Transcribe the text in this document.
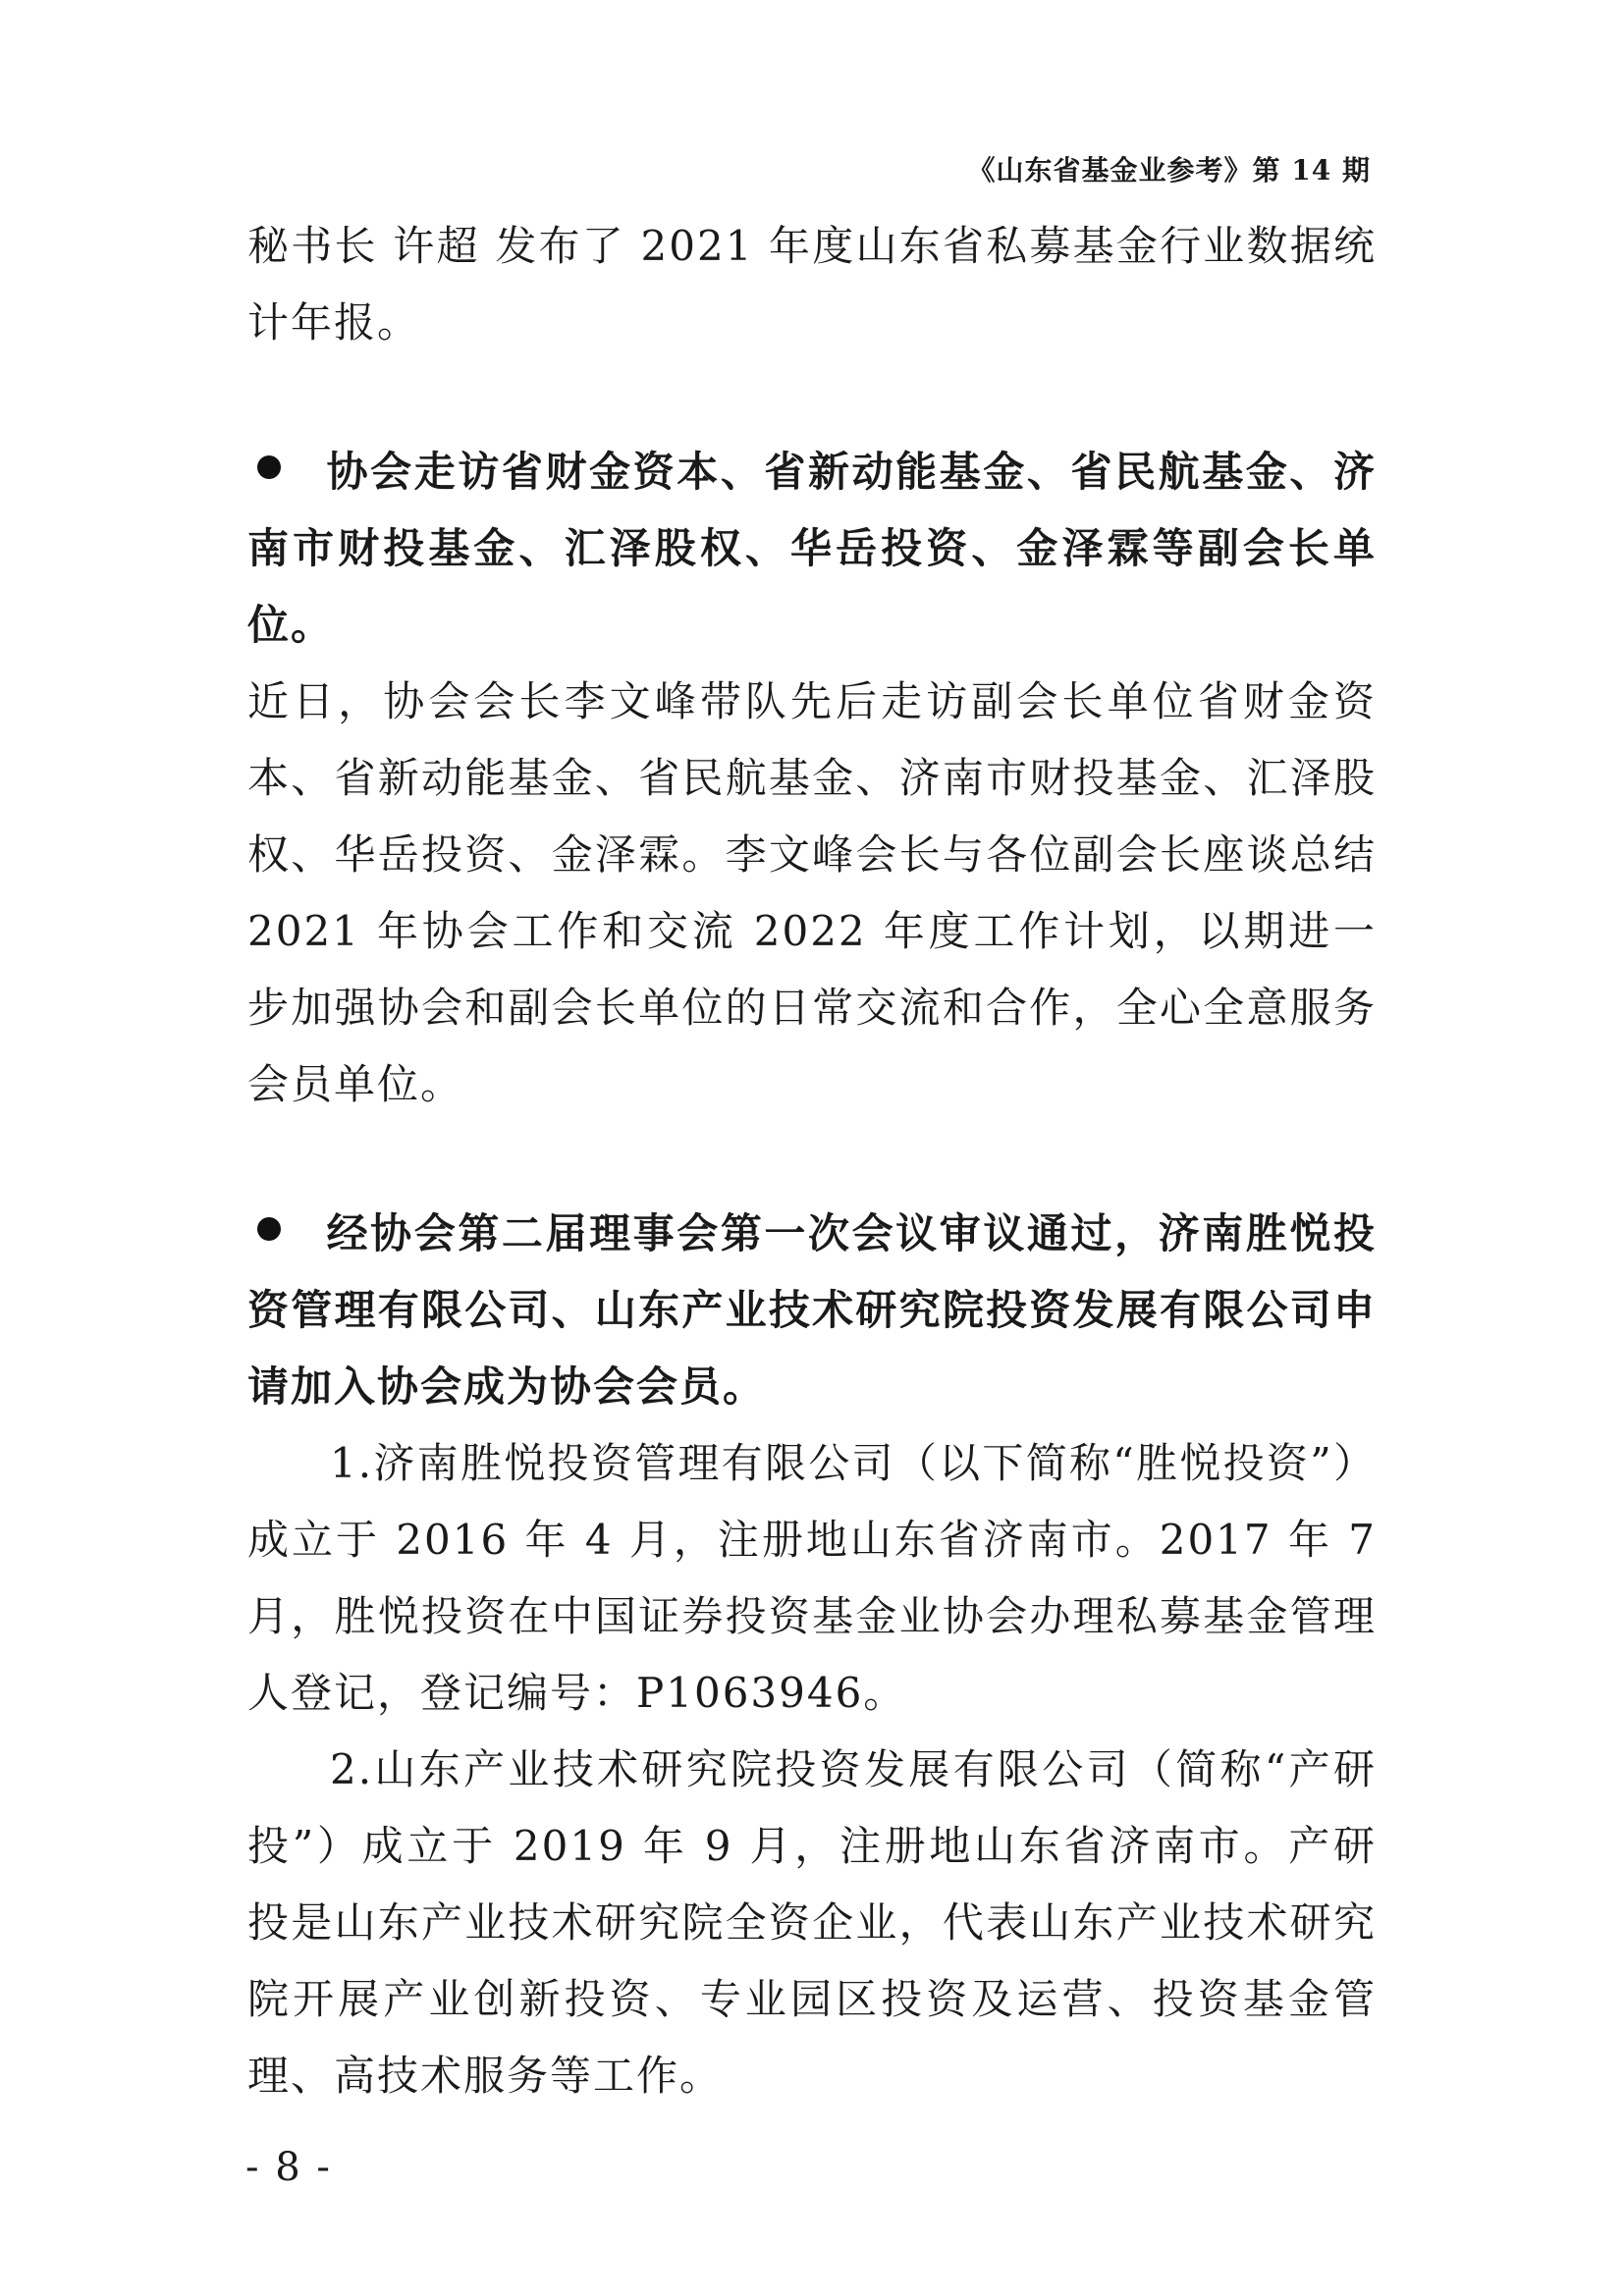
《山东省基金业参考》第 14 期

秘书长 许超 发布了 2021 年度山东省私募基金行业数据统计年报。

协会走访省财金资本、省新动能基金、省民航基金、济南市财投基金、汇泽股权、华岳投资、金泽霖等副会长单位。

近日，协会会长李文峰带队先后走访副会长单位省财金资本、省新动能基金、省民航基金、济南市财投基金、汇泽股权、华岳投资、金泽霖。李文峰会长与各位副会长座谈总结 2021 年协会工作和交流 2022 年度工作计划，以期进一步加强协会和副会长单位的日常交流和合作，全心全意服务会员单位。

经协会第二届理事会第一次会议审议通过，济南胜悦投资管理有限公司、山东产业技术研究院投资发展有限公司申请加入协会成为协会会员。

1.济南胜悦投资管理有限公司（以下简称“胜悦投资”）成立于 2016 年 4 月，注册地山东省济南市。2017 年 7 月，胜悦投资在中国证券投资基金业协会办理私募基金管理人登记，登记编号：P1063946。

2.山东产业技术研究院投资发展有限公司（简称“产研投”）成立于 2019 年 9 月，注册地山东省济南市。产研投是山东产业技术研究院全资企业，代表山东产业技术研究院开展产业创新投资、专业园区投资及运营、投资基金管理、高技术服务等工作。

- 8 -
